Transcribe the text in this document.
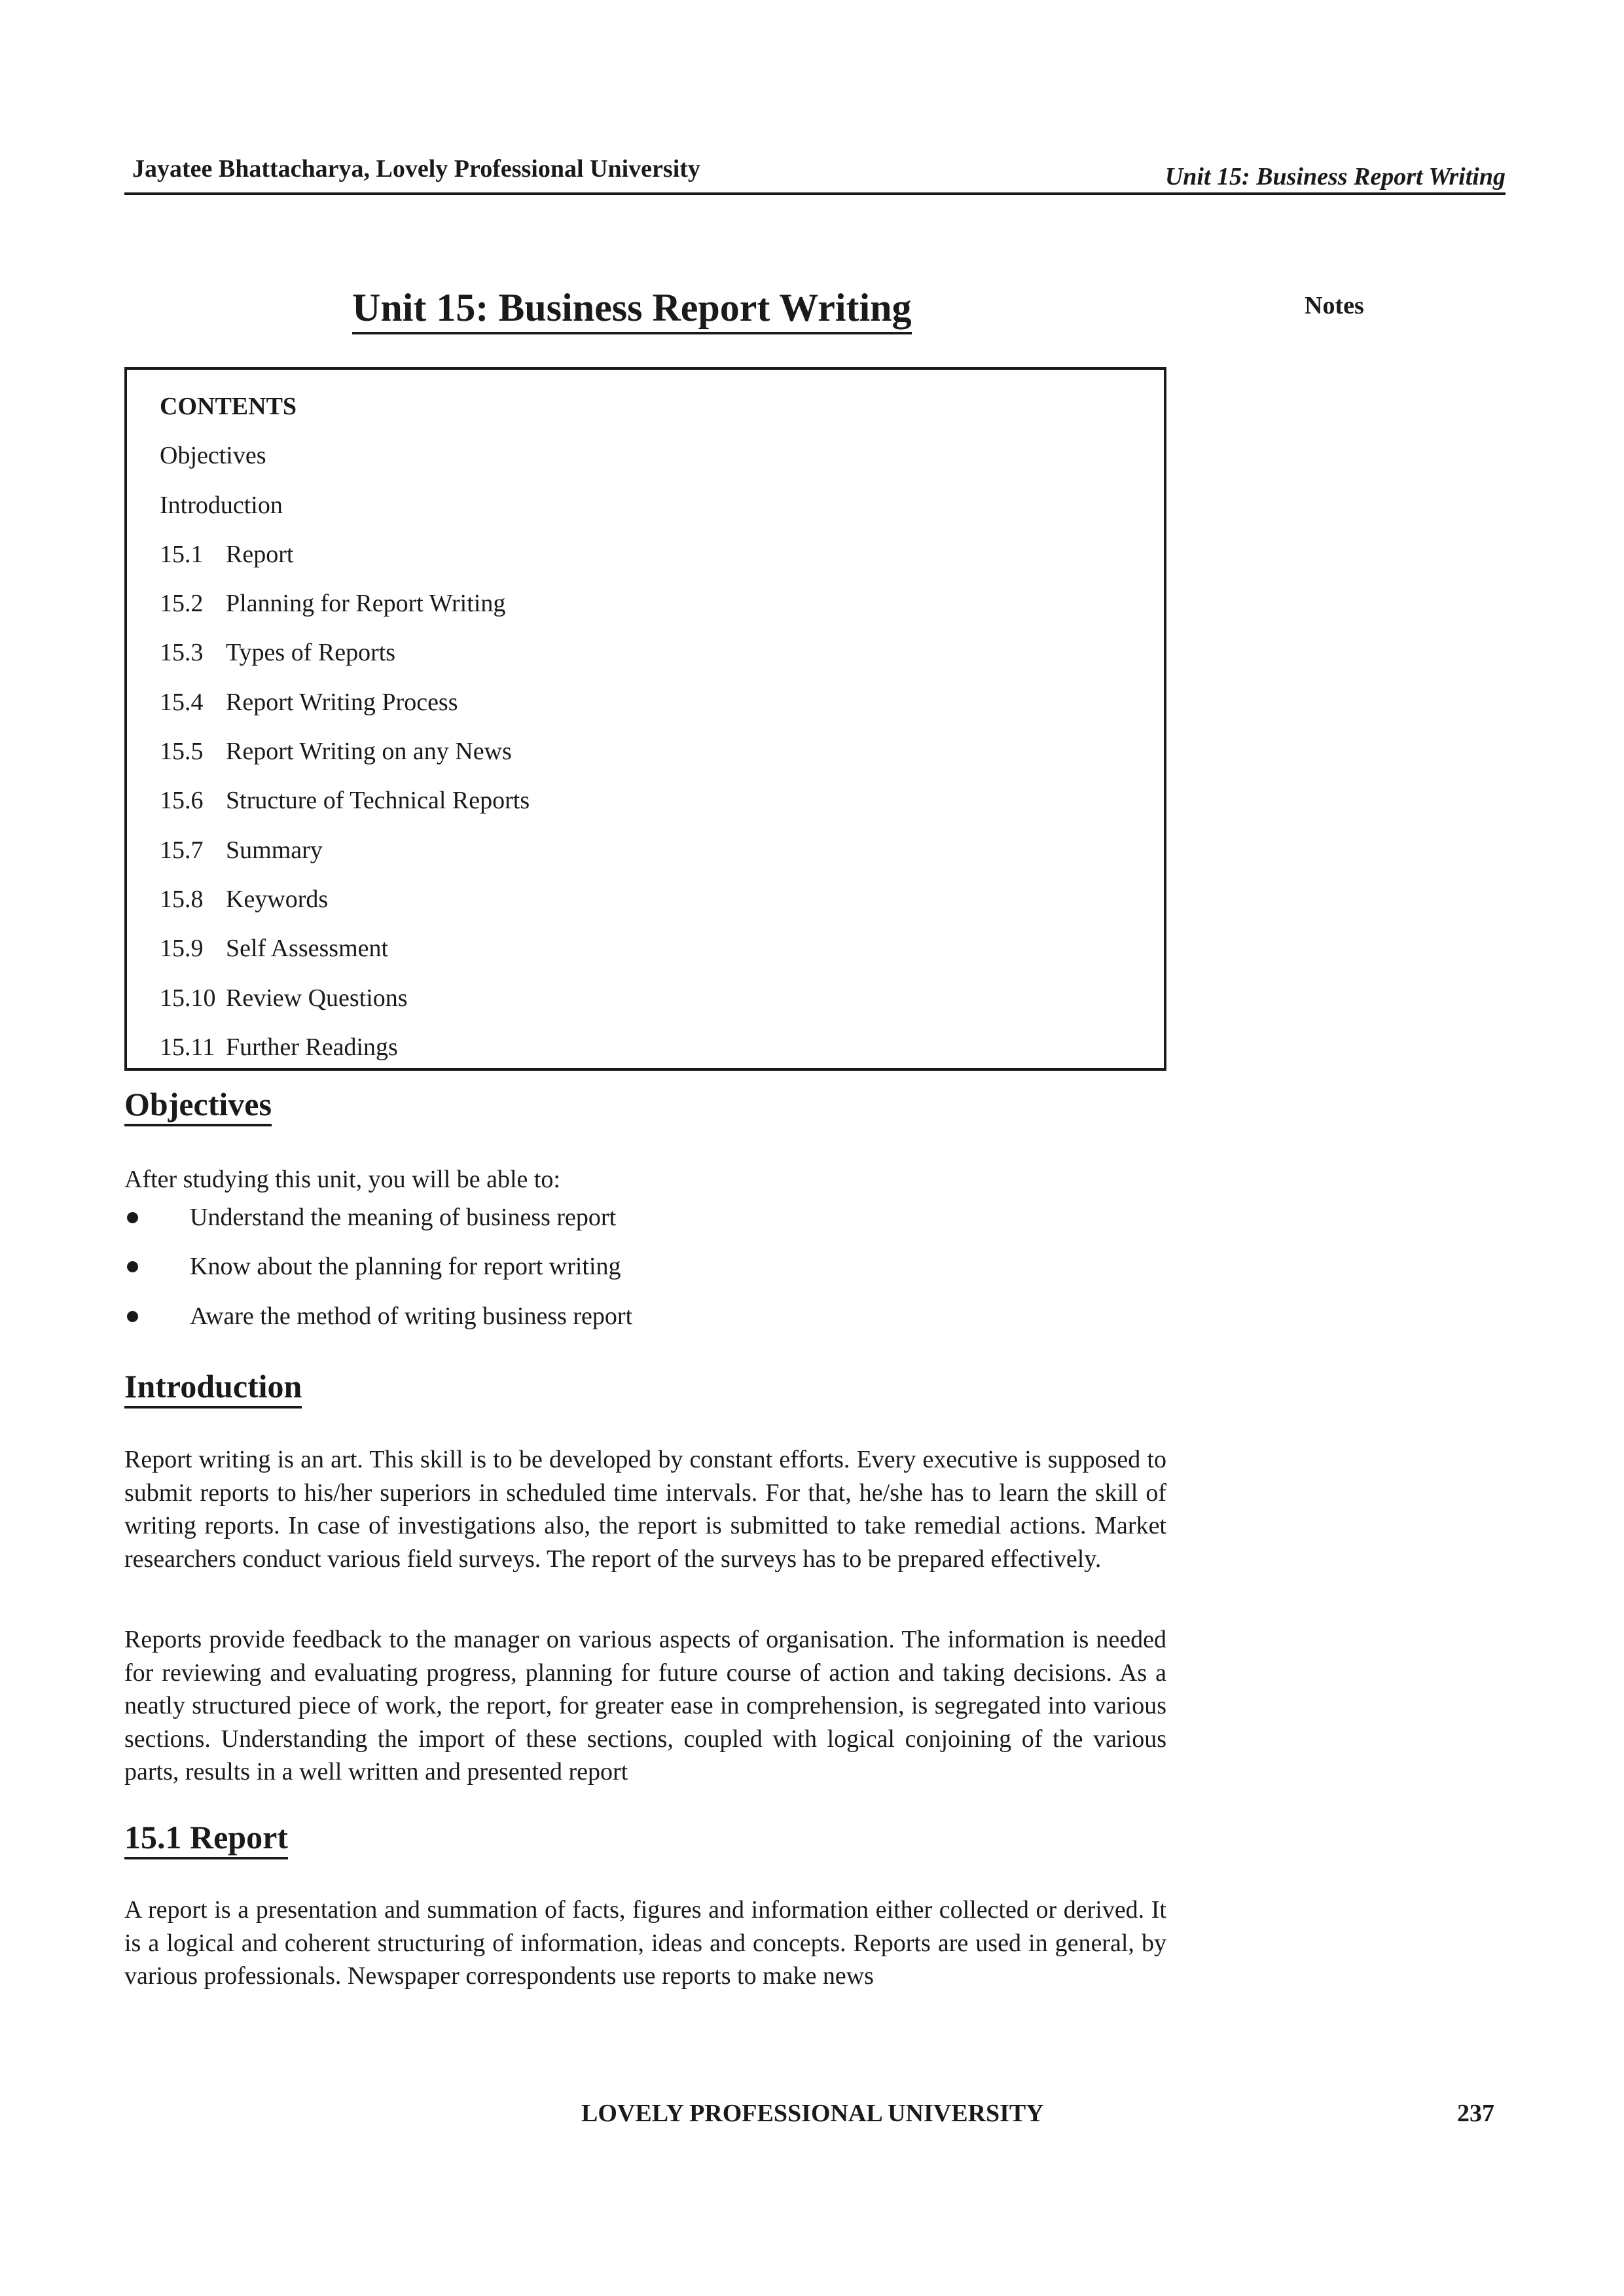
Jayatee Bhattacharya, Lovely Professional University	Unit 15: Business Report Writing
Unit 15: Business Report Writing	Notes
CONTENTS
Objectives
Introduction
15.1 Report
15.2 Planning for Report Writing
15.3 Types of Reports
15.4 Report Writing Process
15.5 Report Writing on any News
15.6 Structure of Technical Reports
15.7 Summary
15.8 Keywords
15.9 Self Assessment
15.10 Review Questions
15.11 Further Readings
Objectives
After studying this unit, you will be able to:
Understand the meaning of business report
Know about the planning for report writing
Aware the method of writing business report
Introduction

Report writing is an art. This skill is to be developed by constant efforts. Every executive is supposed to submit reports to his/her superiors in scheduled time intervals. For that, he/she has to learn the skill of writing reports. In case of investigations also, the report is submitted to take remedial actions. Market researchers conduct various field surveys. The report of the surveys has to be prepared effectively.

Reports provide feedback to the manager on various aspects of organisation. The information is needed for reviewing and evaluating progress, planning for future course of action and taking decisions. As a neatly structured piece of work, the report, for greater ease in comprehension, is segregated into various sections. Understanding the import of these sections, coupled with logical conjoining of the various parts, results in a well written and presented report

15.1 Report

A report is a presentation and summation of facts, figures and information either collected or derived. It is a logical and coherent structuring of information, ideas and concepts. Reports are used in general, by various professionals. Newspaper correspondents use reports to make news

LOVELY PROFESSIONAL UNIVERSITY	237
